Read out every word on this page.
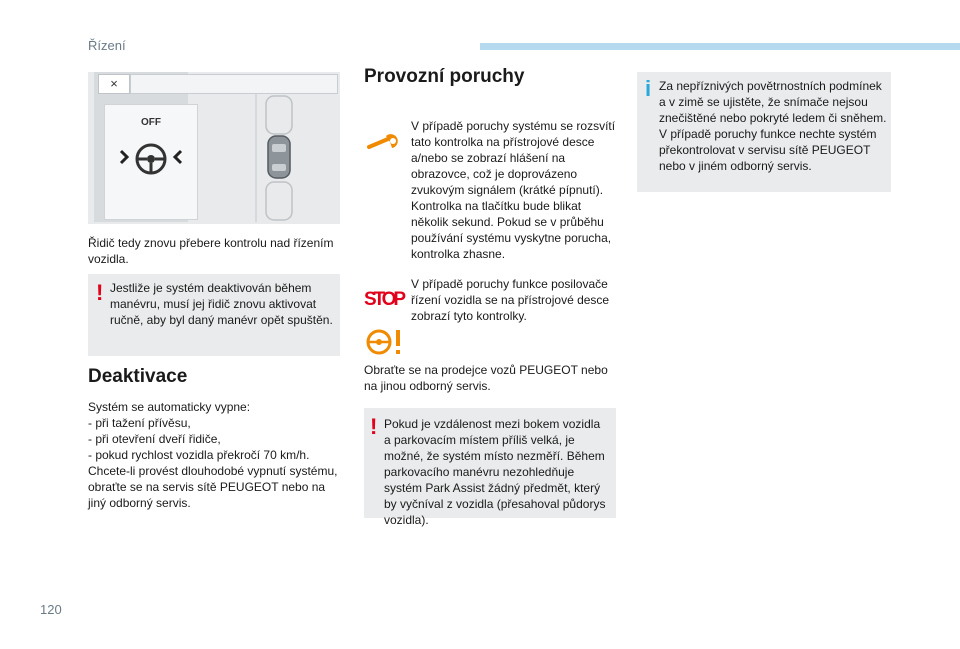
Řízení
×
OFF
Řidič tedy znovu přebere kontrolu nad řízením vozidla.
! Jestliže je systém deaktivován během manévru, musí jej řidič znovu aktivovat ručně, aby byl daný manévr opět spuštěn.
Deaktivace
Systém se automaticky vypne:
- při tažení přívěsu,
- při otevření dveří řidiče,
- pokud rychlost vozidla překročí 70 km/h.
Chcete-li provést dlouhodobé vypnutí systému, obraťte se na servis sítě PEUGEOT nebo na jiný odborný servis.
Provozní poruchy
V případě poruchy systému se rozsvítí tato kontrolka na přístrojové desce a/nebo se zobrazí hlášení na obrazovce, což je doprovázeno zvukovým signálem (krátké pípnutí). Kontrolka na tlačítku bude blikat několik sekund. Pokud se v průběhu používání systému vyskytne porucha, kontrolka zhasne.
STOP
V případě poruchy funkce posilovače řízení vozidla se na přístrojové desce zobrazí tyto kontrolky.
Obraťte se na prodejce vozů PEUGEOT nebo na jinou odborný servis.
! Pokud je vzdálenost mezi bokem vozidla a parkovacím místem příliš velká, je možné, že systém místo nezměří. Během parkovacího manévru nezohledňuje systém Park Assist žádný předmět, který by vyčníval z vozidla (přesahoval půdorys vozidla).
i Za nepříznivých povětrnostních podmínek a v zimě se ujistěte, že snímače nejsou znečištěné nebo pokryté ledem či sněhem.
V případě poruchy funkce nechte systém překontrolovat v servisu sítě PEUGEOT nebo v jiném odborný servis.
120
